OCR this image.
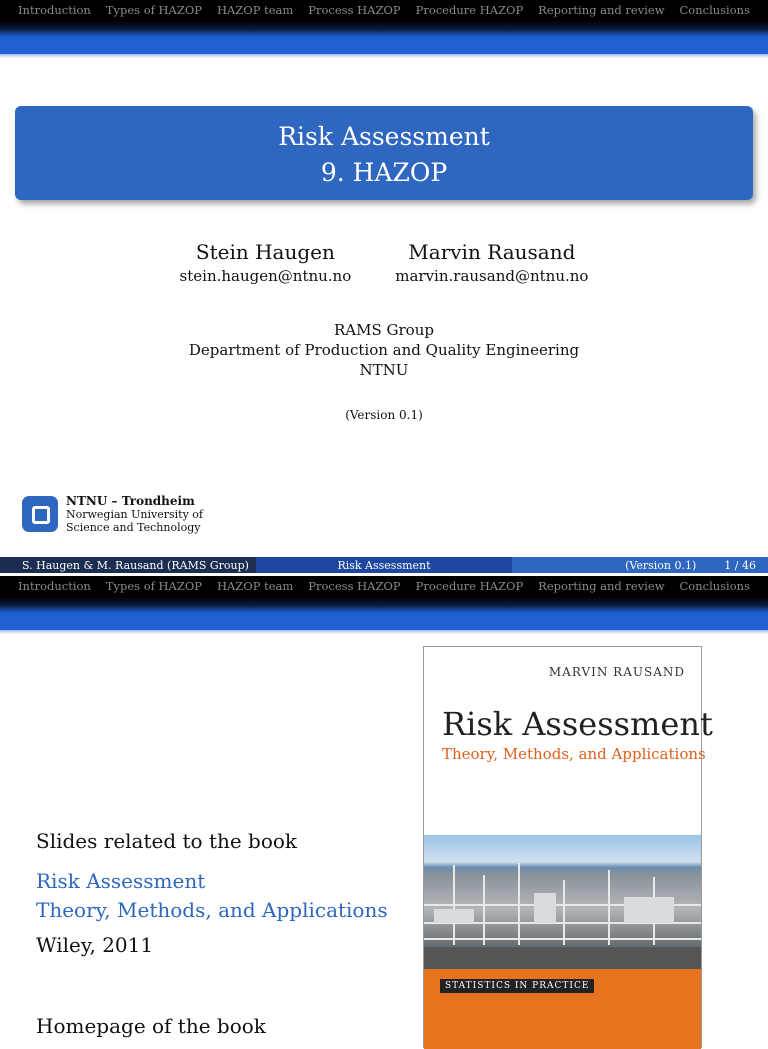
Introduction Types of HAZOP HAZOP team Process HAZOP Procedure HAZOP Reporting and review Conclusions
Risk Assessment
9. HAZOP
Stein Haugen
stein.haugen@ntnu.no
Marvin Rausand
marvin.rausand@ntnu.no
RAMS Group
Department of Production and Quality Engineering
NTNU
(Version 0.1)
NTNU – Trondheim
Norwegian University of
Science and Technology
S. Haugen & M. Rausand (RAMS Group)	Risk Assessment	(Version 0.1)	1 / 46
Introduction Types of HAZOP HAZOP team Process HAZOP Procedure HAZOP Reporting and review Conclusions
Slides related to the book
Risk Assessment
Theory, Methods, and Applications
Wiley, 2011
Homepage of the book
MARVIN RAUSAND
Risk Assessment
Theory, Methods, and Applications
STATISTICS IN PRACTICE
